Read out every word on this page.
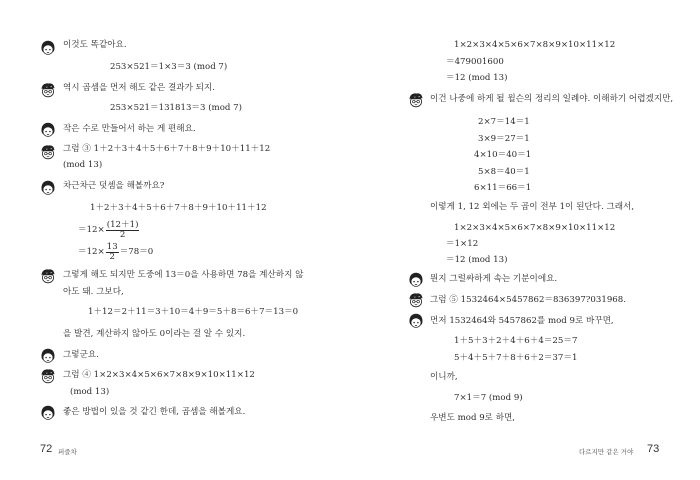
이것도 똑같아요.
253×521＝1×3＝3 (mod 7)
역시 곱셈을 먼저 해도 같은 결과가 되지.
253×521＝131813＝3 (mod 7)
작은 수로 만들어서 하는 게 편해요.
그럼 ③ 1＋2＋3＋4＋5＋6＋7＋8＋9＋10＋11＋12
(mod 13)
차근차근 덧셈을 해볼까요?
1＋2＋3＋4＋5＋6＋7＋8＋9＋10＋11＋12
$=12\times \frac{(12+1)}{2}$
$=12\times \frac{13}{2} =78=0$
그렇게 해도 되지만 도중에 13＝0을 사용하면 78을 계산하지 않
아도 돼. 그보다,
1＋12＝2＋11＝3＋10＝4＋9＝5＋8＝6＋7＝13＝0
을 발견, 계산하지 않아도 0이라는 걸 알 수 있지.
그렇군요.
그럼 ④ 1×2×3×4×5×6×7×8×9×10×11×12
(mod 13)
좋은 방법이 있을 것 같긴 한데, 곱셈을 해볼게요.
72 퍼즐차
1×2×3×4×5×6×7×8×9×10×11×12
＝479001600
＝12 (mod 13)
이건 나중에 하게 될 윌슨의 정리의 일례야. 이해하기 어렵겠지만,
2×7＝14＝1
3×9＝27＝1
4×10＝40＝1
5×8＝40＝1
6×11＝66＝1
이렇게 1, 12 외에는 두 곱이 전부 1이 된단다. 그래서,
1×2×3×4×5×6×7×8×9×10×11×12
＝1×12
＝12 (mod 13)
뭔지 그럴싸하게 속는 기분이에요.
그럼 ⑤ 1532464×5457862＝836397?031968.
먼저 1532464와 5457862를 mod 9로 바꾸면,
1＋5＋3＋2＋4＋6＋4＝25＝7
5＋4＋5＋7＋8＋6＋2＝37＝1
이니까,
7×1＝7 (mod 9)
우변도 mod 9로 하면,
다르지만 같은 거야 73
